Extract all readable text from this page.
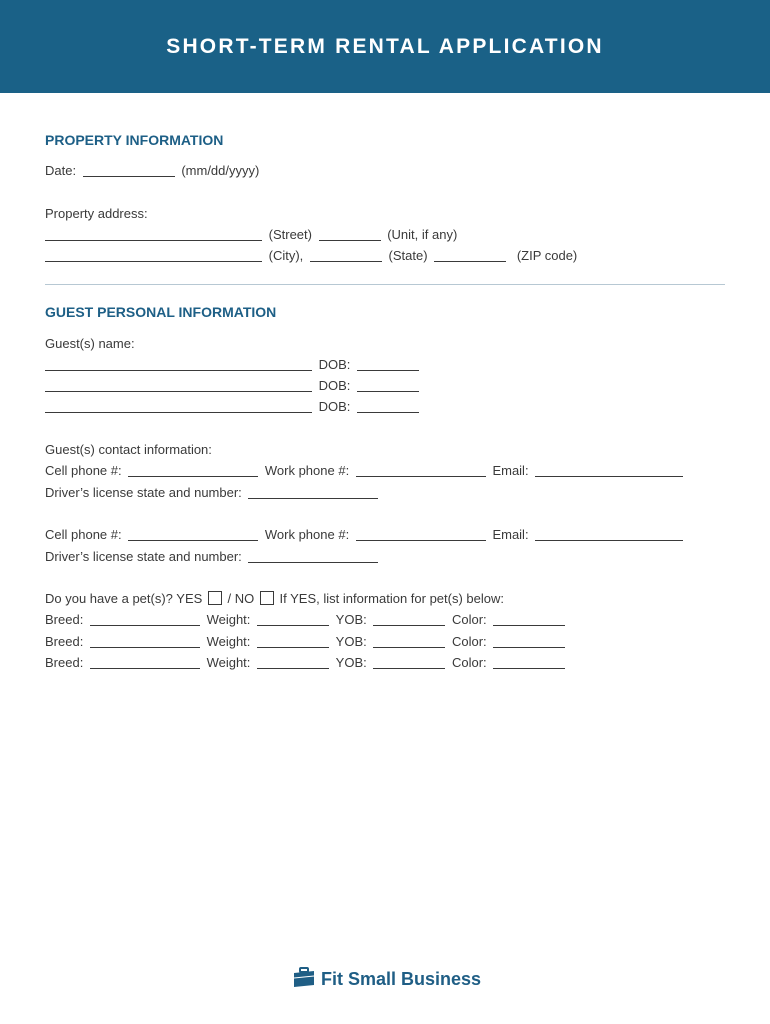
SHORT-TERM RENTAL APPLICATION
PROPERTY INFORMATION
Date:	(mm/dd/yyyy)
Property address:
(Street)	(Unit, if any)
(City),	(State)	(ZIP code)
GUEST PERSONAL INFORMATION
Guest(s) name:
DOB:
DOB:
DOB:
Guest(s) contact information:
Cell phone #:	Work phone #:	Email:
Driver’s license state and number:
Cell phone #:	Work phone #:	Email:
Driver’s license state and number:
Do you have a pet(s)? YES / NO If YES, list information for pet(s) below:
Breed:	Weight:	YOB:	Color:
Breed:	Weight:	YOB:	Color:
Breed:	Weight:	YOB:	Color:
Fit Small Business
